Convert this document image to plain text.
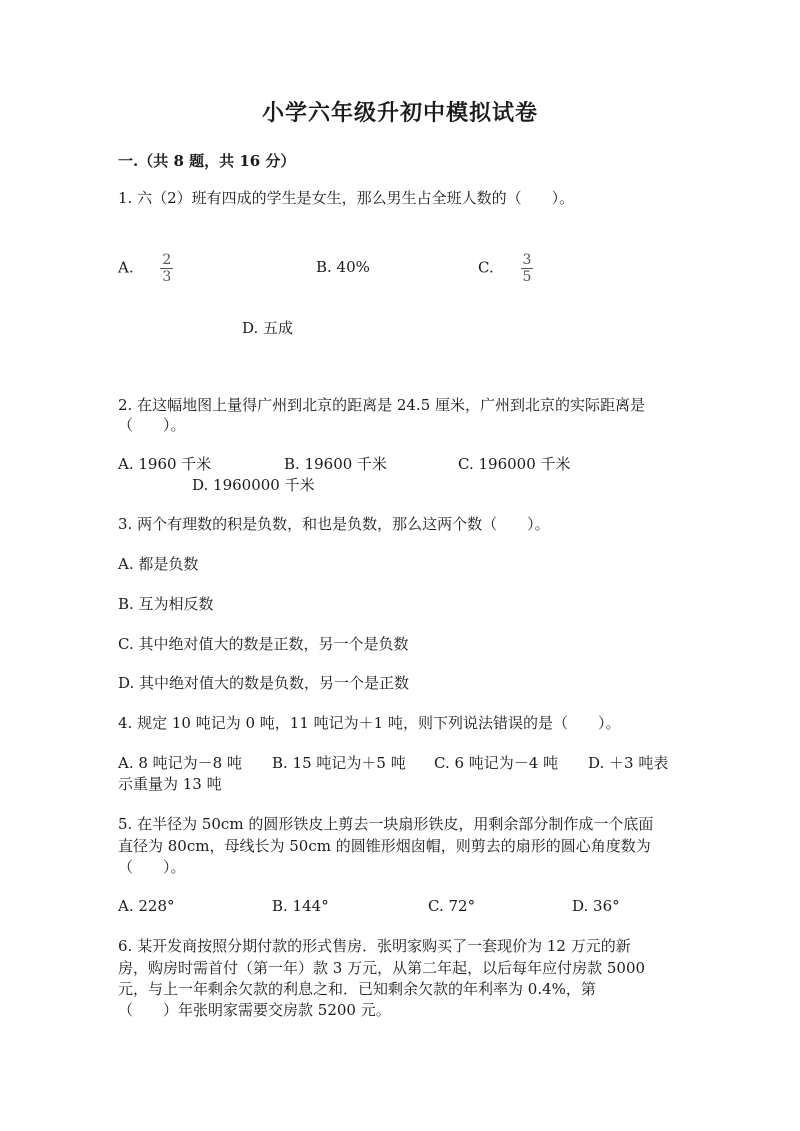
小学六年级升初中模拟试卷
一.（共 8 题，共 16 分）
1. 六（2）班有四成的学生是女生，那么男生占全班人数的（　　）。
A. $\frac{2}{3}$	B. 40%	C. $\frac{3}{5}$
D. 五成
2. 在这幅地图上量得广州到北京的距离是 24.5 厘米，广州到北京的实际距离是
（　　）。
A. 1960 千米	B. 19600 千米	C. 196000 千米
D. 1960000 千米
3. 两个有理数的积是负数，和也是负数，那么这两个数（　　）。
A. 都是负数
B. 互为相反数
C. 其中绝对值大的数是正数，另一个是负数
D. 其中绝对值大的数是负数，另一个是正数
4. 规定 10 吨记为 0 吨，11 吨记为＋1 吨，则下列说法错误的是（　　）。
A. 8 吨记为－8 吨 B. 15 吨记为＋5 吨 C. 6 吨记为－4 吨 D. ＋3 吨表
示重量为 13 吨
5. 在半径为 50cm 的圆形铁皮上剪去一块扇形铁皮，用剩余部分制作成一个底面
直径为 80cm，母线长为 50cm 的圆锥形烟囱帽，则剪去的扇形的圆心角度数为
（　　）。
A. 228°	B. 144°	C. 72°	D. 36°
6. 某开发商按照分期付款的形式售房．张明家购买了一套现价为 12 万元的新
房，购房时需首付（第一年）款 3 万元，从第二年起，以后每年应付房款 5000
元，与上一年剩余欠款的利息之和．已知剩余欠款的年利率为 0.4%，第
（　　）年张明家需要交房款 5200 元。
